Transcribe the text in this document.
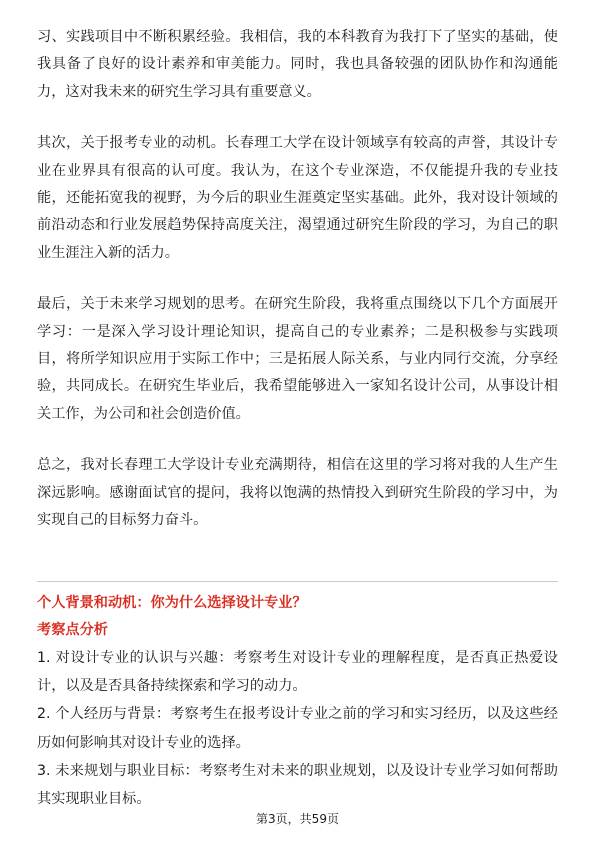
习、实践项目中不断积累经验。我相信，我的本科教育为我打下了坚实的基础，使我具备了良好的设计素养和审美能力。同时，我也具备较强的团队协作和沟通能力，这对我未来的研究生学习具有重要意义。

其次，关于报考专业的动机。长春理工大学在设计领域享有较高的声誉，其设计专业在业界具有很高的认可度。我认为，在这个专业深造，不仅能提升我的专业技能，还能拓宽我的视野，为今后的职业生涯奠定坚实基础。此外，我对设计领域的前沿动态和行业发展趋势保持高度关注，渴望通过研究生阶段的学习，为自己的职业生涯注入新的活力。

最后，关于未来学习规划的思考。在研究生阶段，我将重点围绕以下几个方面展开学习：一是深入学习设计理论知识，提高自己的专业素养；二是积极参与实践项目，将所学知识应用于实际工作中；三是拓展人际关系，与业内同行交流，分享经验，共同成长。在研究生毕业后，我希望能够进入一家知名设计公司，从事设计相关工作，为公司和社会创造价值。

总之，我对长春理工大学设计专业充满期待，相信在这里的学习将对我的人生产生深远影响。感谢面试官的提问，我将以饱满的热情投入到研究生阶段的学习中，为实现自己的目标努力奋斗。

个人背景和动机：你为什么选择设计专业？

考察点分析

1. 对设计专业的认识与兴趣：考察考生对设计专业的理解程度，是否真正热爱设计，以及是否具备持续探索和学习的动力。

2. 个人经历与背景：考察考生在报考设计专业之前的学习和实习经历，以及这些经历如何影响其对设计专业的选择。

3. 未来规划与职业目标：考察考生对未来的职业规划，以及设计专业学习如何帮助其实现职业目标。

第3页，共59页
